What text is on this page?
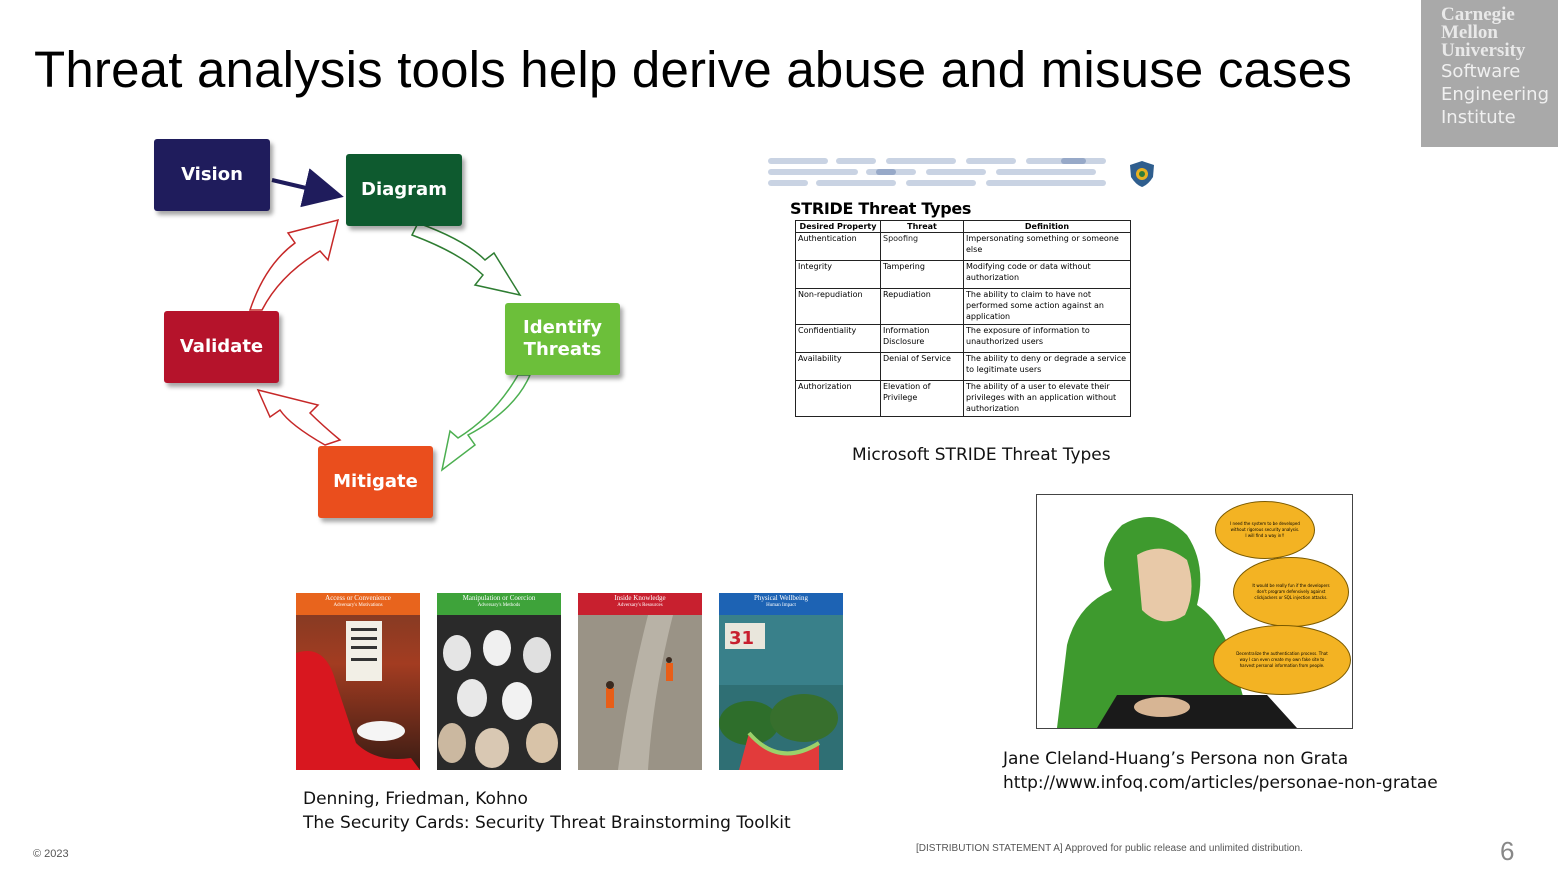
Threat analysis tools help derive abuse and misuse cases
Carnegie
Mellon
University
Software
Engineering
Institute
Vision
Diagram
Identify
Threats
Validate
Mitigate
STRIDE Threat Types
Desired Property	Threat	Definition
Authentication	Spoofing	Impersonating something or someone else
Integrity	Tampering	Modifying code or data without authorization
Non-repudiation	Repudiation	The ability to claim to have not performed some action against an application
Confidentiality	Information Disclosure	The exposure of information to unauthorized users
Availability	Denial of Service	The ability to deny or degrade a service to legitimate users
Authorization	Elevation of Privilege	The ability of a user to elevate their privileges with an application without authorization
Microsoft STRIDE Threat Types
Access or Convenience
Adversary's Motivations
Manipulation or Coercion
Adversary's Methods
Inside Knowledge
Adversary's Resources
31
Physical Wellbeing
Human Impact
Denning, Friedman, Kohno
The Security Cards: Security Threat Brainstorming Toolkit
I need the system to be developed without rigorous security analysis. I will find a way in!!
It would be really fun if the developers don't program defensively against clickjackers or SQL injection attacks.
Decentralize the authentication process. That way I can even create my own fake site to harvest personal information from people.
Jane Cleland-Huang’s Persona non Grata
http://www.infoq.com/articles/personae-non-gratae
© 2023	[DISTRIBUTION STATEMENT A] Approved for public release and unlimited distribution.	6
